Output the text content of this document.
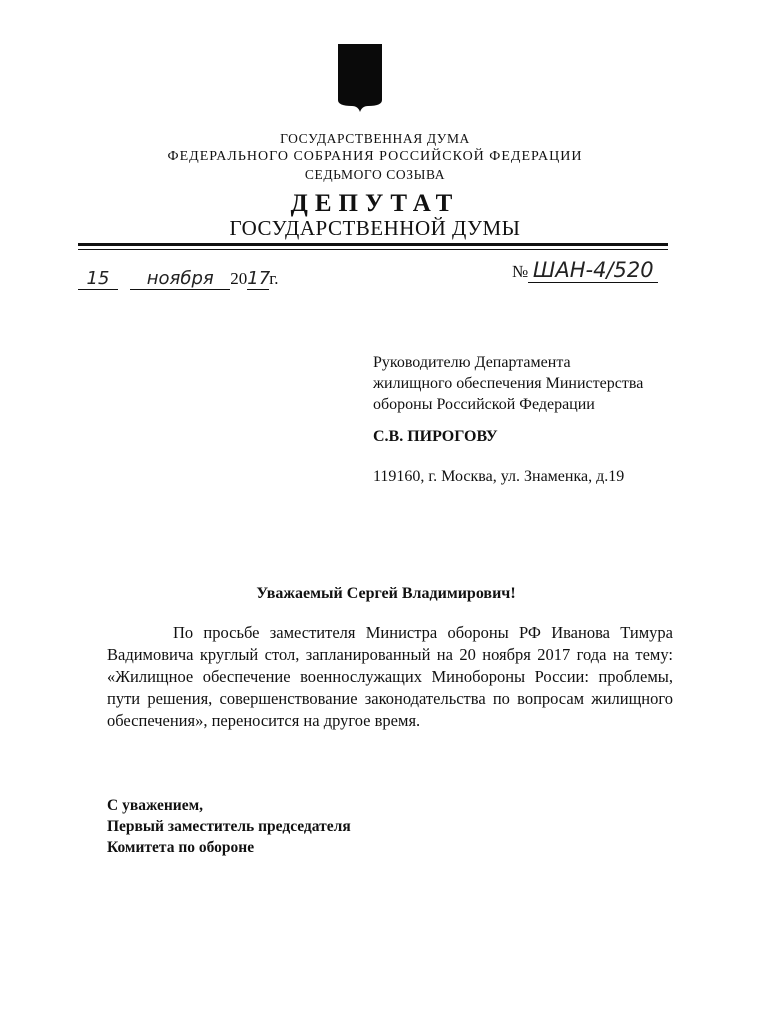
ГОСУДАРСТВЕННАЯ ДУМА
ФЕДЕРАЛЬНОГО СОБРАНИЯ РОССИЙСКОЙ ФЕДЕРАЦИИ
СЕДЬМОГО СОЗЫВА
ДЕПУТАТ
ГОСУДАРСТВЕННОЙ ДУМЫ
15 ноября 2017г.	№ ШАН-4/520
Руководителю Департамента
жилищного обеспечения Министерства
обороны Российской Федерации
С.В. ПИРОГОВУ
119160, г. Москва, ул. Знаменка, д.19
Уважаемый Сергей Владимирович!
По просьбе заместителя Министра обороны РФ Иванова Тимура
Вадимовича круглый стол, запланированный на 20 ноября 2017 года на тему:
«Жилищное обеспечение военнослужащих Минобороны России: проблемы,
пути решения, совершенствование законодательства по вопросам жилищного
обеспечения», переносится на другое время.
С уважением,
Первый заместитель председателя
Комитета по обороне
